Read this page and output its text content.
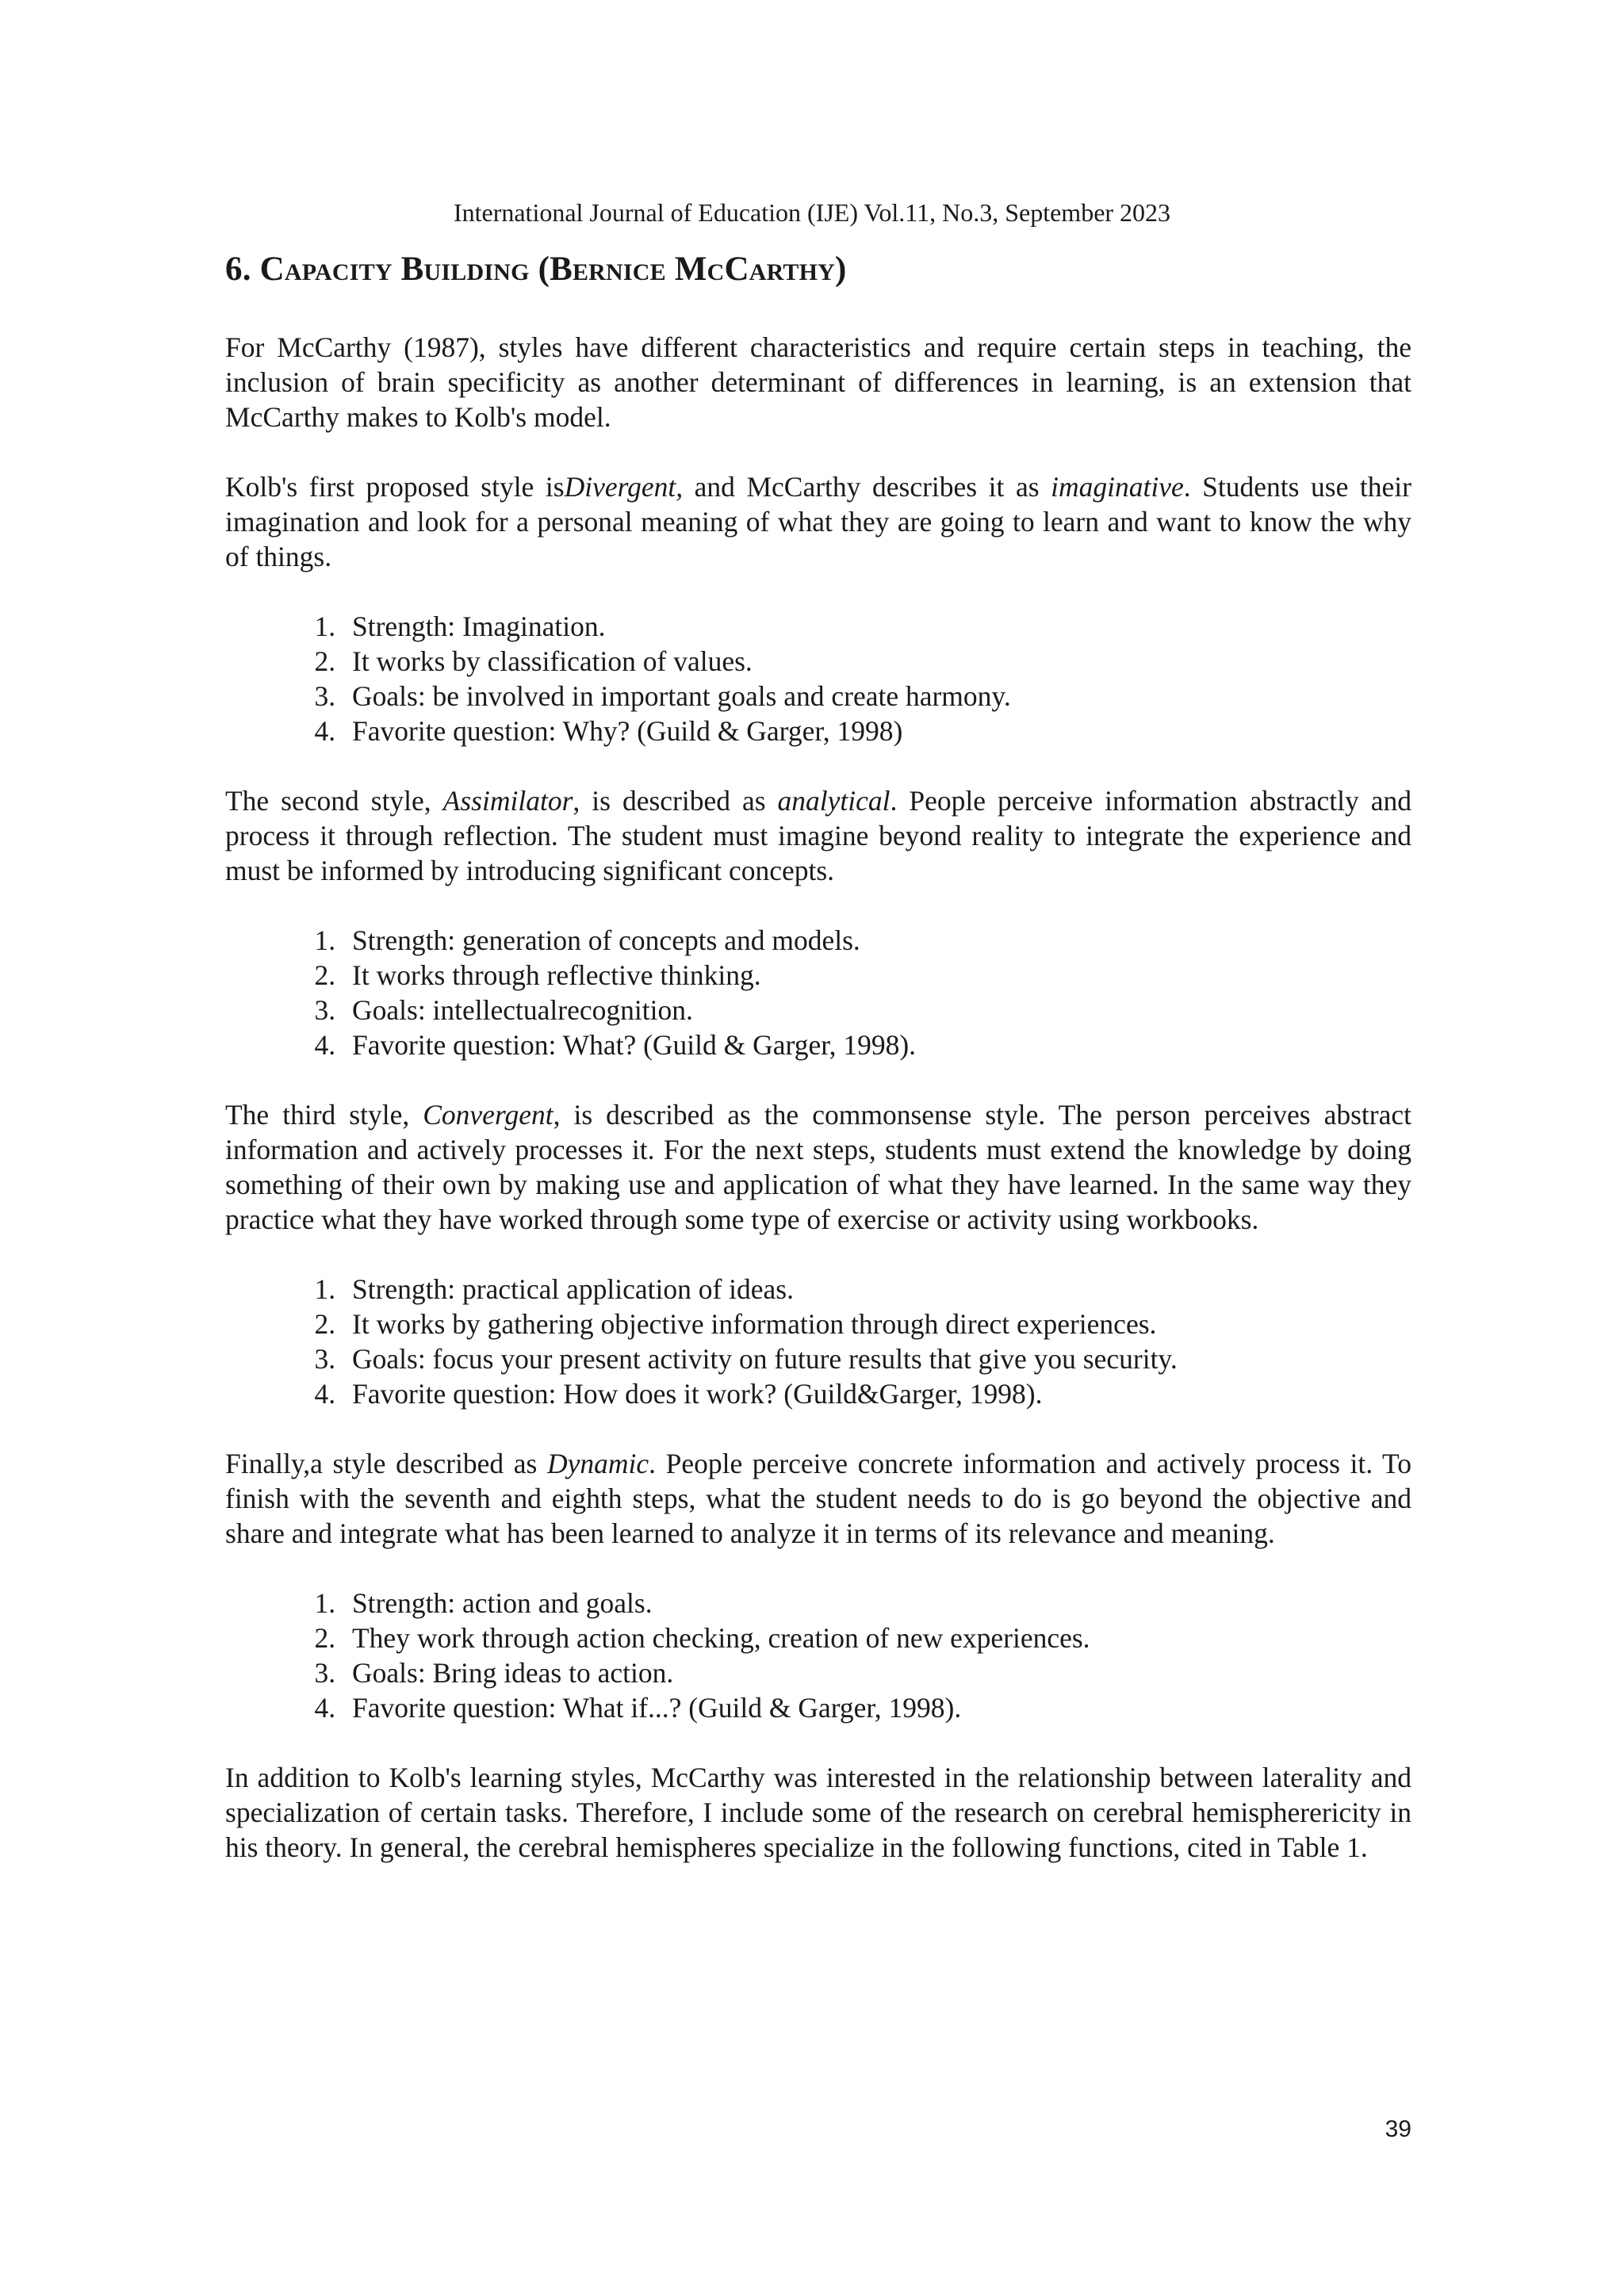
International Journal of Education (IJE) Vol.11, No.3, September 2023
6. Capacity Building (Bernice McCarthy)

For McCarthy (1987), styles have different characteristics and require certain steps in teaching, the inclusion of brain specificity as another determinant of differences in learning, is an extension that McCarthy makes to Kolb's model.

Kolb's first proposed style isDivergent, and McCarthy describes it as imaginative. Students use their imagination and look for a personal meaning of what they are going to learn and want to know the why of things.

1. Strength: Imagination.
2. It works by classification of values.
3. Goals: be involved in important goals and create harmony.
4. Favorite question: Why? (Guild & Garger, 1998)

The second style, Assimilator, is described as analytical. People perceive information abstractly and process it through reflection. The student must imagine beyond reality to integrate the experience and must be informed by introducing significant concepts.

1. Strength: generation of concepts and models.
2. It works through reflective thinking.
3. Goals: intellectualrecognition.
4. Favorite question: What? (Guild & Garger, 1998).

The third style, Convergent, is described as the commonsense style. The person perceives abstract information and actively processes it. For the next steps, students must extend the knowledge by doing something of their own by making use and application of what they have learned. In the same way they practice what they have worked through some type of exercise or activity using workbooks.

1. Strength: practical application of ideas.
2. It works by gathering objective information through direct experiences.
3. Goals: focus your present activity on future results that give you security.
4. Favorite question: How does it work? (Guild&Garger, 1998).

Finally,a style described as Dynamic. People perceive concrete information and actively process it. To finish with the seventh and eighth steps, what the student needs to do is go beyond the objective and share and integrate what has been learned to analyze it in terms of its relevance and meaning.

1. Strength: action and goals.
2. They work through action checking, creation of new experiences.
3. Goals: Bring ideas to action.
4. Favorite question: What if...? (Guild & Garger, 1998).

In addition to Kolb's learning styles, McCarthy was interested in the relationship between laterality and specialization of certain tasks. Therefore, I include some of the research on cerebral hemispherericity in his theory. In general, the cerebral hemispheres specialize in the following functions, cited in Table 1.

39
